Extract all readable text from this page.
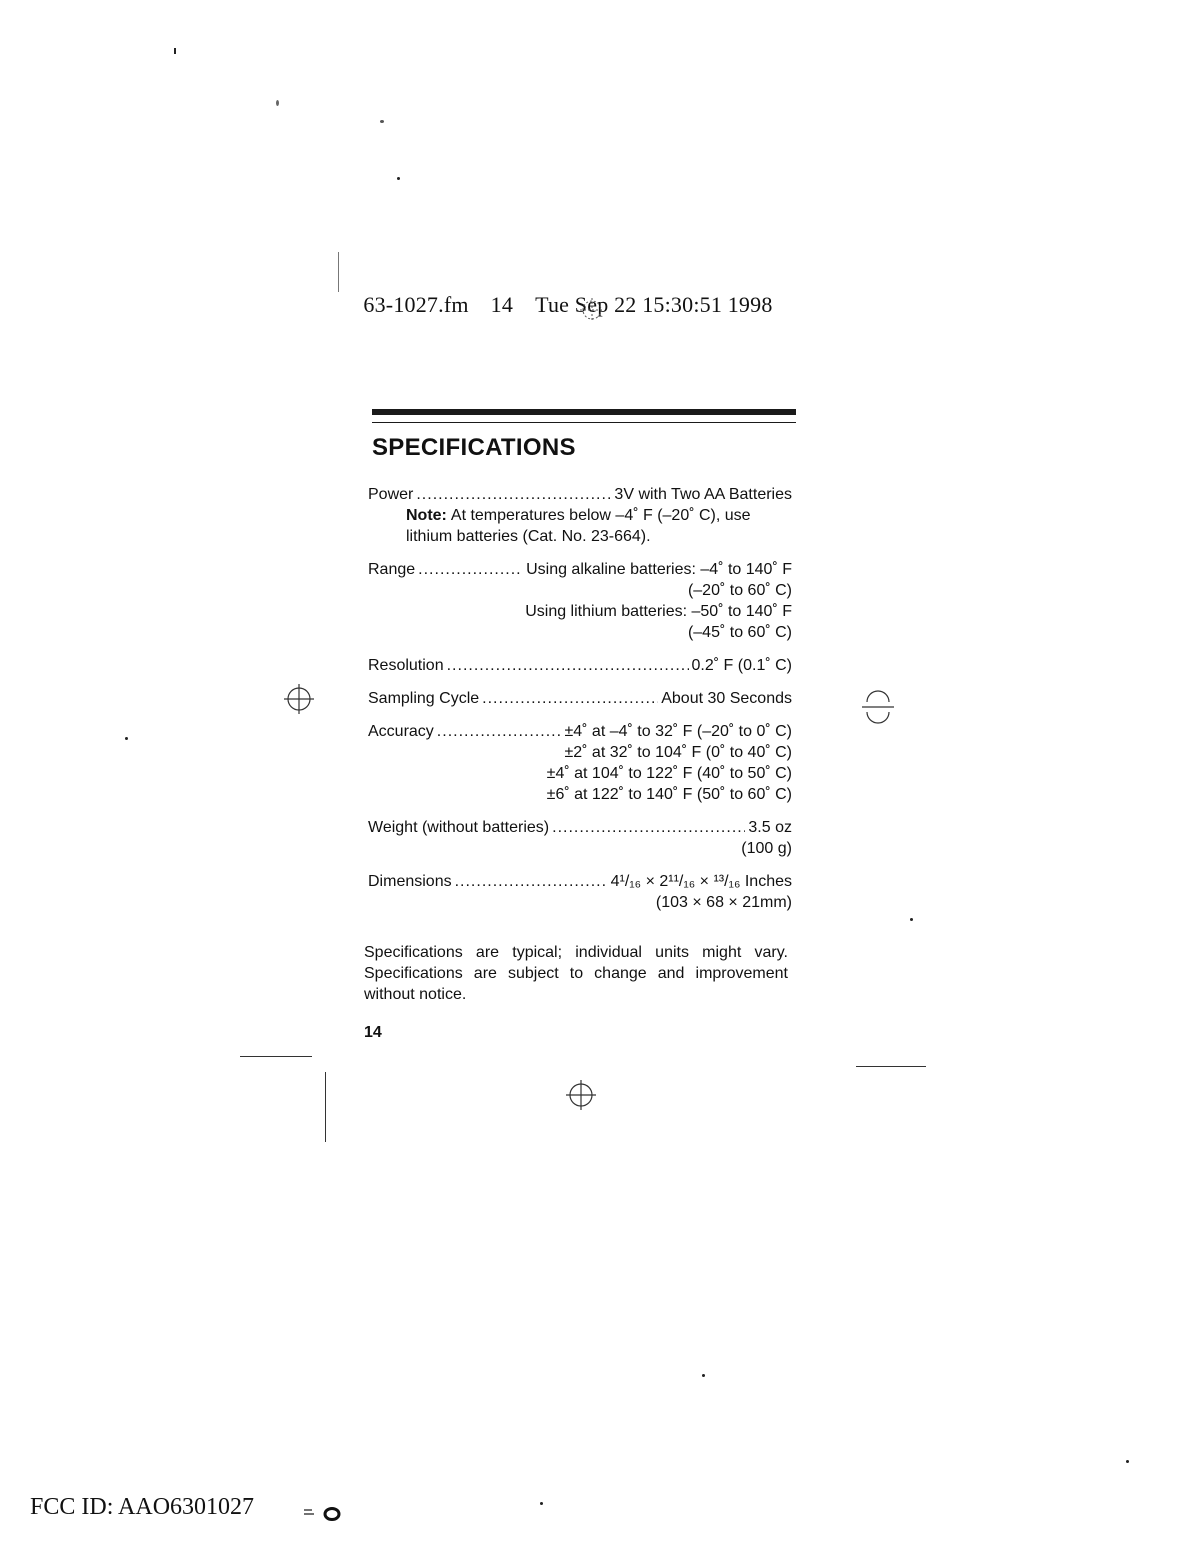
63-1027.fm 14 Tue Sep 22 15:30:51 1998

SPECIFICATIONS
Power .....	3V with Two AA Batteries
Note: At temperatures below –4˚ F (–20˚ C), use lithium batteries (Cat. No. 23-664).
Range .....	Using alkaline batteries: –4˚ to 140˚ F
(–20˚ to 60˚ C)
Using lithium batteries: –50˚ to 140˚ F
(–45˚ to 60˚ C)
Resolution .....	0.2˚ F (0.1˚ C)
Sampling Cycle .....	About 30 Seconds
Accuracy .....	±4˚ at –4˚ to 32˚ F (–20˚ to 0˚ C)
±2˚ at 32˚ to 104˚ F (0˚ to 40˚ C)
±4˚ at 104˚ to 122˚ F (40˚ to 50˚ C)
±6˚ at 122˚ to 140˚ F (50˚ to 60˚ C)
Weight (without batteries) .....	3.5 oz
(100 g)
Dimensions .....	4¹/₁₆ × 2¹¹/₁₆ × ¹³/₁₆ Inches
(103 × 68 × 21mm)
Specifications are typical; individual units might vary. Specifications are subject to change and improvement without notice.
14
FCC ID: AAO6301027
